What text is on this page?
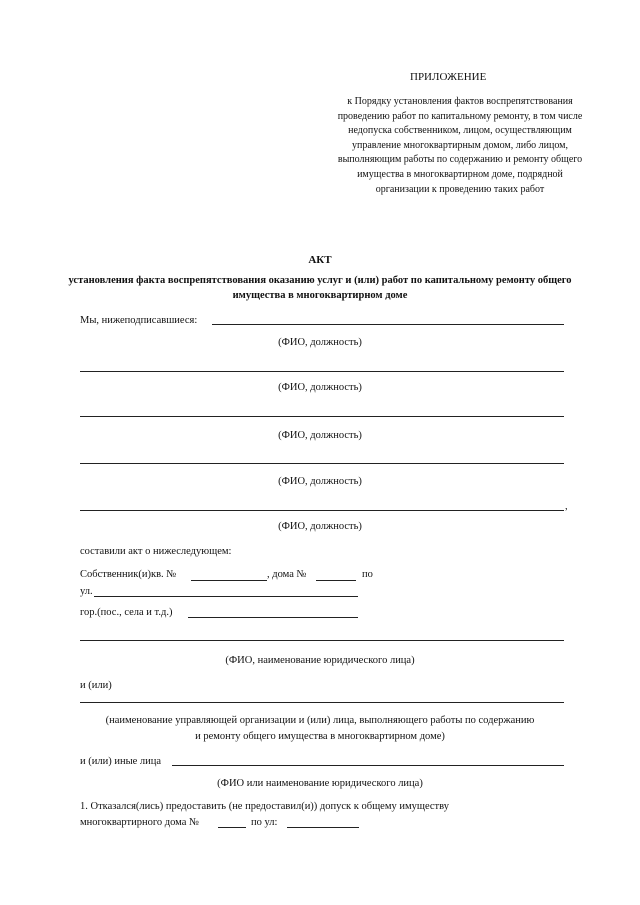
ПРИЛОЖЕНИЕ
к Порядку установления фактов воспрепятствования проведению работ по капитальному ремонту, в том числе недопуска собственником, лицом, осуществляющим управление многоквартирным домом, либо лицом, выполняющим работы по содержанию и ремонту общего имущества в многоквартирном доме, подрядной организации к проведению таких работ
АКТ
установления факта воспрепятствования оказанию услуг и (или) работ по капитальному ремонту общего имущества в многоквартирном доме
Мы, нижеподписавшиеся:
(ФИО, должность)
(ФИО, должность)
(ФИО, должность)
(ФИО, должность)
,
(ФИО, должность)
составили акт о нижеследующем:
Собственник(и)кв. №	, дома №	по
ул.
гор.(пос., села и т.д.)
(ФИО, наименование юридического лица)
и (или)
(наименование управляющей организации и (или) лица, выполняющего работы по содержанию
и ремонту общего имущества в многоквартирном доме)
и (или) иные лица
(ФИО или наименование юридического лица)
1. Отказался(лись) предоставить (не предоставил(и)) допуск к общему имуществу
многоквартирного дома №	по ул:
